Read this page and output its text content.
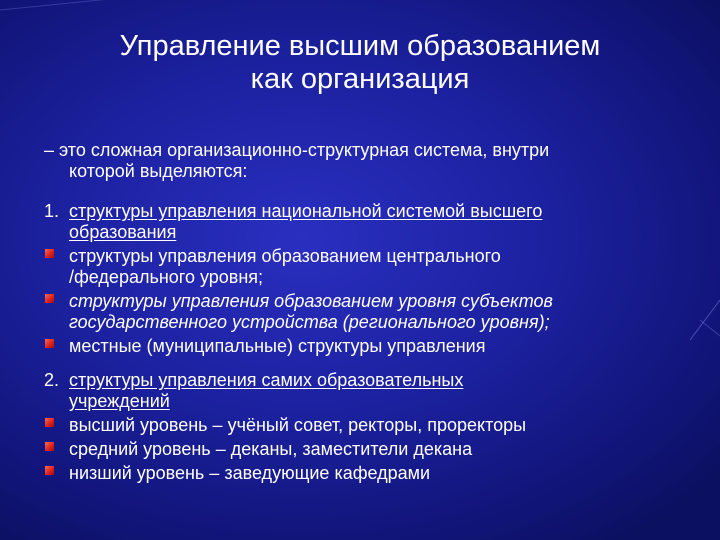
Управление высшим образованием
как организация
– это сложная организационно-структурная система, внутри
которой выделяются:
1. структуры управления национальной системой высшего
образования
структуры управления образованием центрального
/федерального уровня;
структуры управления образованием уровня субъектов
государственного устройства (регионального уровня);
местные (муниципальные) структуры управления
2. структуры управления самих образовательных
учреждений
высший уровень – учёный совет, ректоры, проректоры
средний уровень – деканы, заместители декана
низший уровень – заведующие кафедрами
